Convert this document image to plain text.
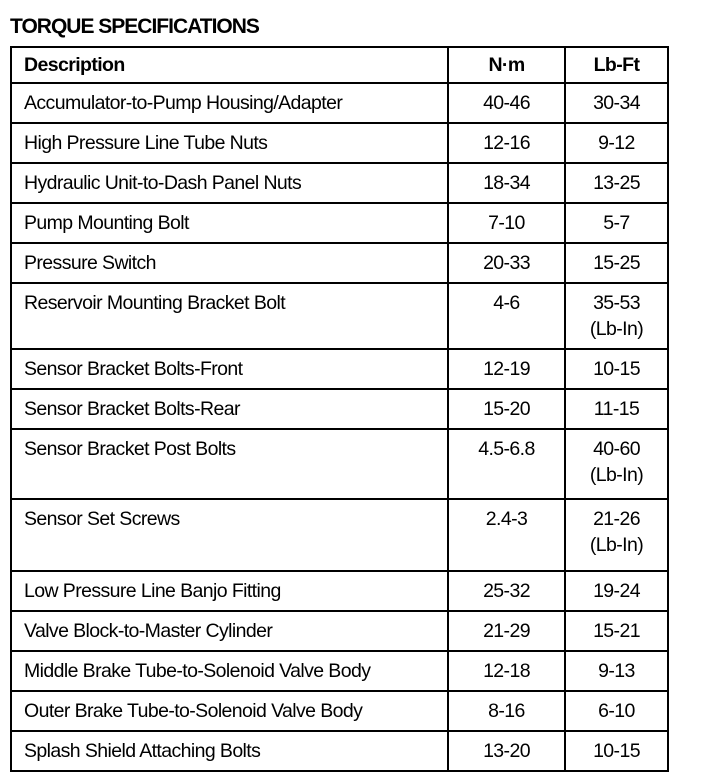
TORQUE SPECIFICATIONS
Description	N·m	Lb-Ft
Accumulator-to-Pump Housing/Adapter	40-46	30-34
High Pressure Line Tube Nuts	12-16	9-12
Hydraulic Unit-to-Dash Panel Nuts	18-34	13-25
Pump Mounting Bolt	7-10	5-7
Pressure Switch	20-33	15-25
Reservoir Mounting Bracket Bolt	4-6	35-53
(Lb-In)

Sensor Bracket Bolts-Front	12-19	10-15
Sensor Bracket Bolts-Rear	15-20	11-15
Sensor Bracket Post Bolts	4.5-6.8	40-60
(Lb-In)

Sensor Set Screws	2.4-3	21-26
(Lb-In)

Low Pressure Line Banjo Fitting	25-32	19-24
Valve Block-to-Master Cylinder	21-29	15-21
Middle Brake Tube-to-Solenoid Valve Body	12-18	9-13
Outer Brake Tube-to-Solenoid Valve Body	8-16	6-10
Splash Shield Attaching Bolts	13-20	10-15
